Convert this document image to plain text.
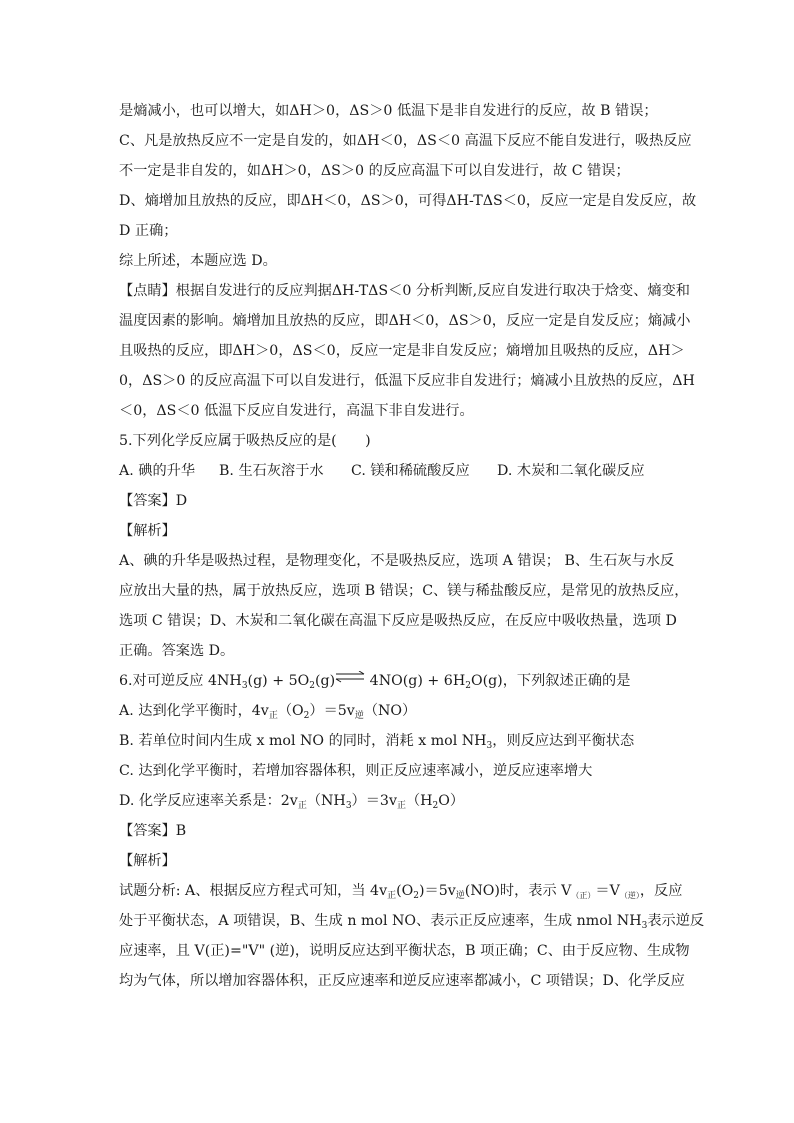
是熵减小，也可以增大，如ΔH＞0，ΔS＞0 低温下是非自发进行的反应，故 B 错误；
C、凡是放热反应不一定是自发的，如ΔH＜0，ΔS＜0 高温下反应不能自发进行，吸热反应
不一定是非自发的，如ΔH＞0，ΔS＞0 的反应高温下可以自发进行，故 C 错误；
D、熵增加且放热的反应，即ΔH＜0，ΔS＞0，可得ΔH-TΔS＜0，反应一定是自发反应，故
D 正确；
综上所述，本题应选 D。
【点睛】根据自发进行的反应判据ΔH-TΔS＜0 分析判断,反应自发进行取决于焓变、熵变和
温度因素的影响。熵增加且放热的反应，即ΔH＜0，ΔS＞0，反应一定是自发反应；熵减小
且吸热的反应，即ΔH＞0，ΔS＜0，反应一定是非自发反应；熵增加且吸热的反应，ΔH＞
0，ΔS＞0 的反应高温下可以自发进行，低温下反应非自发进行；熵减小且放热的反应，ΔH
＜0，ΔS＜0 低温下反应自发进行，高温下非自发进行。
5.下列化学反应属于吸热反应的是(　　)
A. 碘的升华	B. 生石灰溶于水	C. 镁和稀硫酸反应	D. 木炭和二氧化碳反应
【答案】D
【解析】
A、碘的升华是吸热过程，是物理变化，不是吸热反应，选项 A 错误； B、生石灰与水反
应放出大量的热，属于放热反应，选项 B 错误；C、镁与稀盐酸反应，是常见的放热反应，
选项 C 错误；D、木炭和二氧化碳在高温下反应是吸热反应，在反应中吸收热量，选项 D
正确。答案选 D。
6.对可逆反应 $4NH_3(g)$ + $5O_2(g)\rightleftharpoons$ $4NO(g) + 6H_2O(g)$，下列叙述正确的是
A. 达到化学平衡时，$4v_正(O_2)=5v_逆(NO)$
B. 若单位时间内生成 x mol NO 的同时，消耗 x mol $NH_3$，则反应达到平衡状态
C. 达到化学平衡时，若增加容器体积，则正反应速率减小，逆反应速率增大
D. 化学反应速率关系是：$2v_正(NH_3)=3v_正(H_2O)$
【答案】B
【解析】
试题分析: A、根据反应方程式可知，当 $4v_正(O_2)=5v_逆(NO)$时，表示 $V_{(正)}=V_{(逆)}$，反应
处于平衡状态，A 项错误，B、生成 n mol NO、表示正反应速率，生成 nmol $NH_3$表示逆反
应速率，且 V(正)="V" (逆)，说明反应达到平衡状态，B 项正确；C、由于反应物、生成物
均为气体，所以增加容器体积，正反应速率和逆反应速率都减小，C 项错误；D、化学反应
